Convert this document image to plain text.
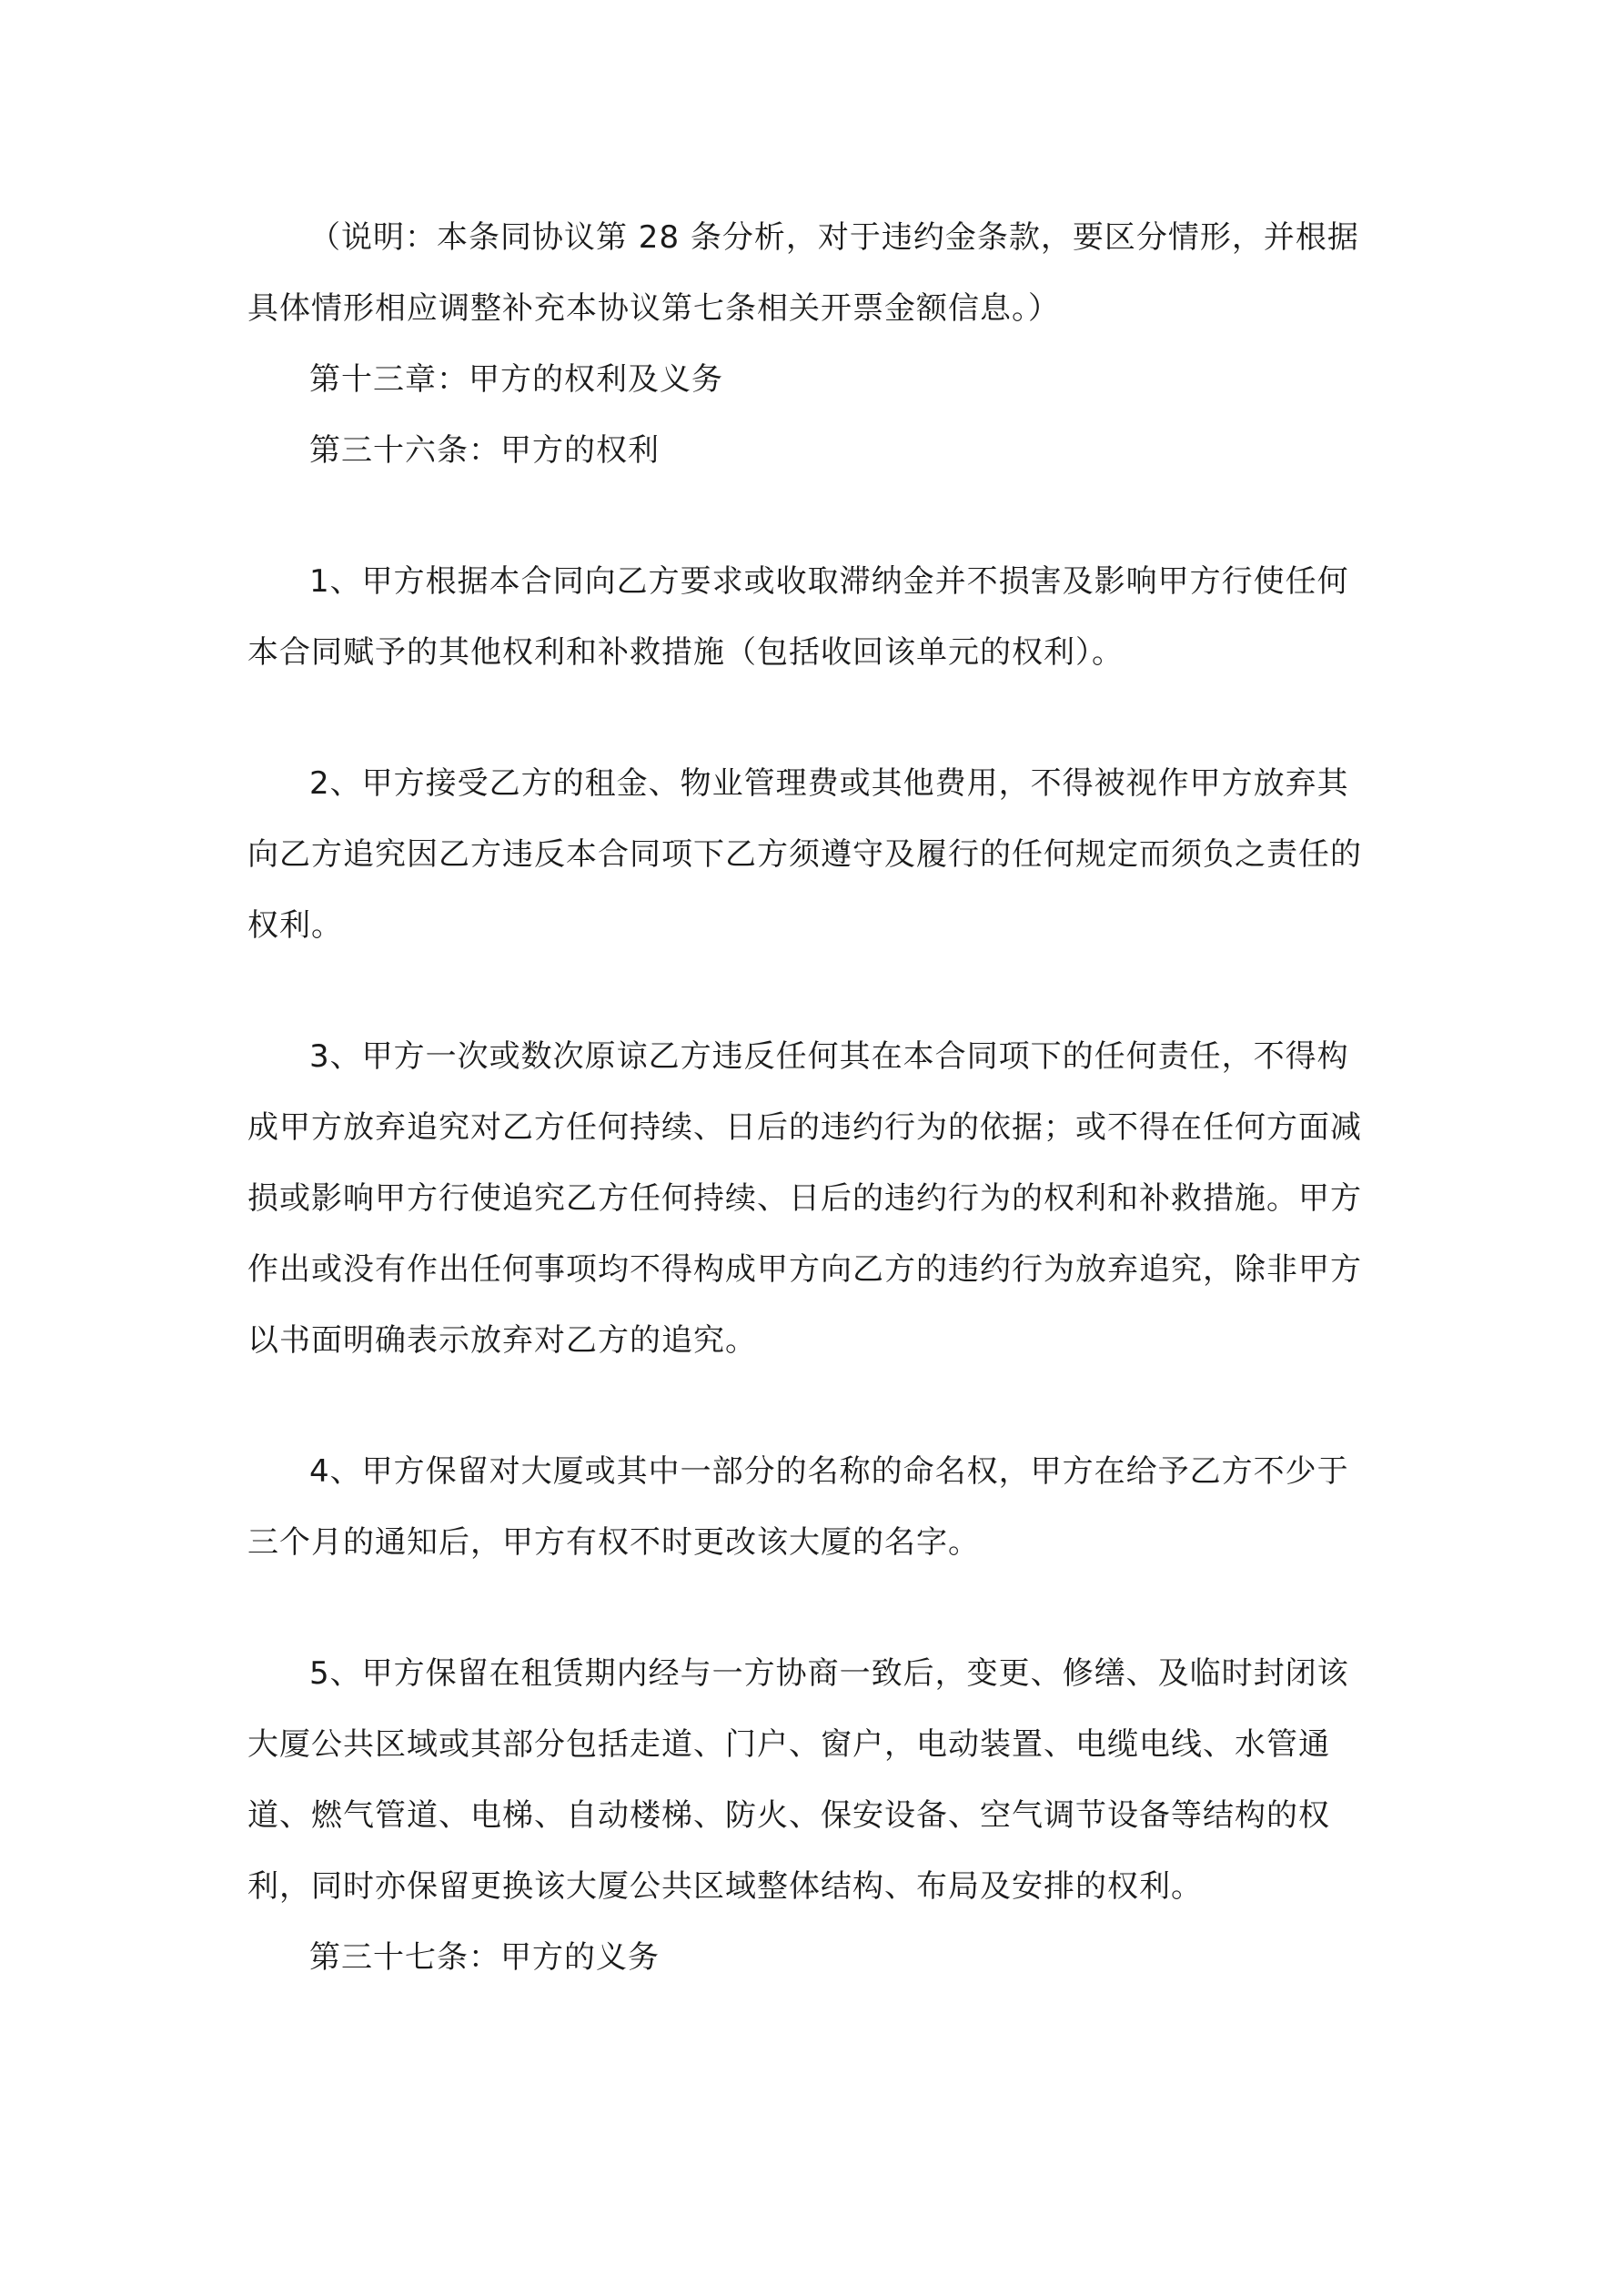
（说明：本条同协议第 28 条分析，对于违约金条款，要区分情形，并根据具体情形相应调整补充本协议第七条相关开票金额信息。）

第十三章：甲方的权利及义务

第三十六条：甲方的权利

1、甲方根据本合同向乙方要求或收取滞纳金并不损害及影响甲方行使任何本合同赋予的其他权利和补救措施（包括收回该单元的权利）。

2、甲方接受乙方的租金、物业管理费或其他费用，不得被视作甲方放弃其向乙方追究因乙方违反本合同项下乙方须遵守及履行的任何规定而须负之责任的权利。

3、甲方一次或数次原谅乙方违反任何其在本合同项下的任何责任，不得构成甲方放弃追究对乙方任何持续、日后的违约行为的依据；或不得在任何方面减损或影响甲方行使追究乙方任何持续、日后的违约行为的权利和补救措施。甲方作出或没有作出任何事项均不得构成甲方向乙方的违约行为放弃追究，除非甲方以书面明确表示放弃对乙方的追究。

4、甲方保留对大厦或其中一部分的名称的命名权，甲方在给予乙方不少于三个月的通知后，甲方有权不时更改该大厦的名字。

5、甲方保留在租赁期内经与一方协商一致后，变更、修缮、及临时封闭该大厦公共区域或其部分包括走道、门户、窗户，电动装置、电缆电线、水管通道、燃气管道、电梯、自动楼梯、防火、保安设备、空气调节设备等结构的权利，同时亦保留更换该大厦公共区域整体结构、布局及安排的权利。

第三十七条：甲方的义务
